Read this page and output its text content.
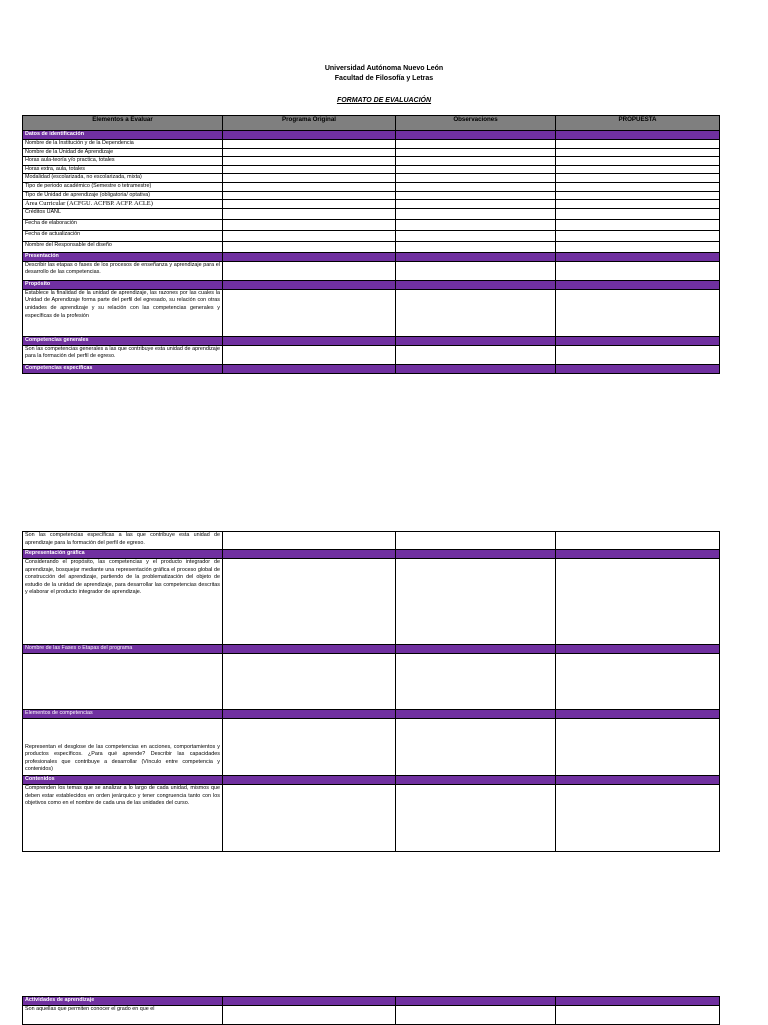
Universidad Autónoma Nuevo León
Facultad de Filosofía y Letras
FORMATO DE EVALUACIÓN
Elementos a Evaluar	Programa Original	Observaciones	PROPUESTA
Datos de identificación			
Nombre de la Institución y de la Dependencia			
Nombre de la Unidad de Aprendizaje			
Horas aula-teoría y/o practica, totales			
Horas extra, aula, totales			
Modalidad (escolarizada, no escolarizada, mixta)			
Tipo de periodo académico (Semestre o tetramestre)			
Tipo de Unidad de aprendizaje (obligatoria/ optativa)			
Área Curricular (ACFGU. ACFBP. ACFP. ACLE)			
Créditos UANL			
Fecha de elaboración			
Fecha de actualización			
Nombre del Responsable del diseño			
Presentación			
Describir las etapas o fases de los procesos de enseñanza y aprendizaje para el desarrollo de las competencias.			
Propósito			
Establece la finalidad de la unidad de aprendizaje, las razones por las cuales la Unidad de Aprendizaje forma parte del perfil del egresado, su relación con otras unidades de aprendizaje y su relación con las competencias generales y específicas de la profesión			
Competencias generales			
Son las competencias generales a las que contribuye esta unidad de aprendizaje para la formación del perfil de egreso.			
Competencias específicas			
Son las competencias específicas a las que contribuye esta unidad de aprendizaje para la formación del perfil de egreso.			
Representación gráfica			
Considerando el propósito, las competencias y el producto integrador de aprendizaje, bosquejar mediante una representación gráfica el proceso global de construcción del aprendizaje, partiendo de la problematización del objeto de estudio de la unidad de aprendizaje, para desarrollar las competencias descritas y elaborar el producto integrador de aprendizaje.			
Nombre de las Fases o Etapas del programa			

Elementos de competencias			
Representan el desglose de las competencias en acciones, comportamientos y productos específicos. ¿Para qué aprende? Describir las capacidades profesionales que contribuye a desarrollar (Vínculo entre competencia y contenidos)			
Contenidos			
Comprenden los temas que se analizar a lo largo de cada unidad, mismos que deben estar establecidos en orden jerárquico y tener congruencia tanto con los objetivos como en el nombre de cada una de las unidades del curso.			
Actividades de aprendizaje			
Son aquellas que permiten conocer el grado en que el			
